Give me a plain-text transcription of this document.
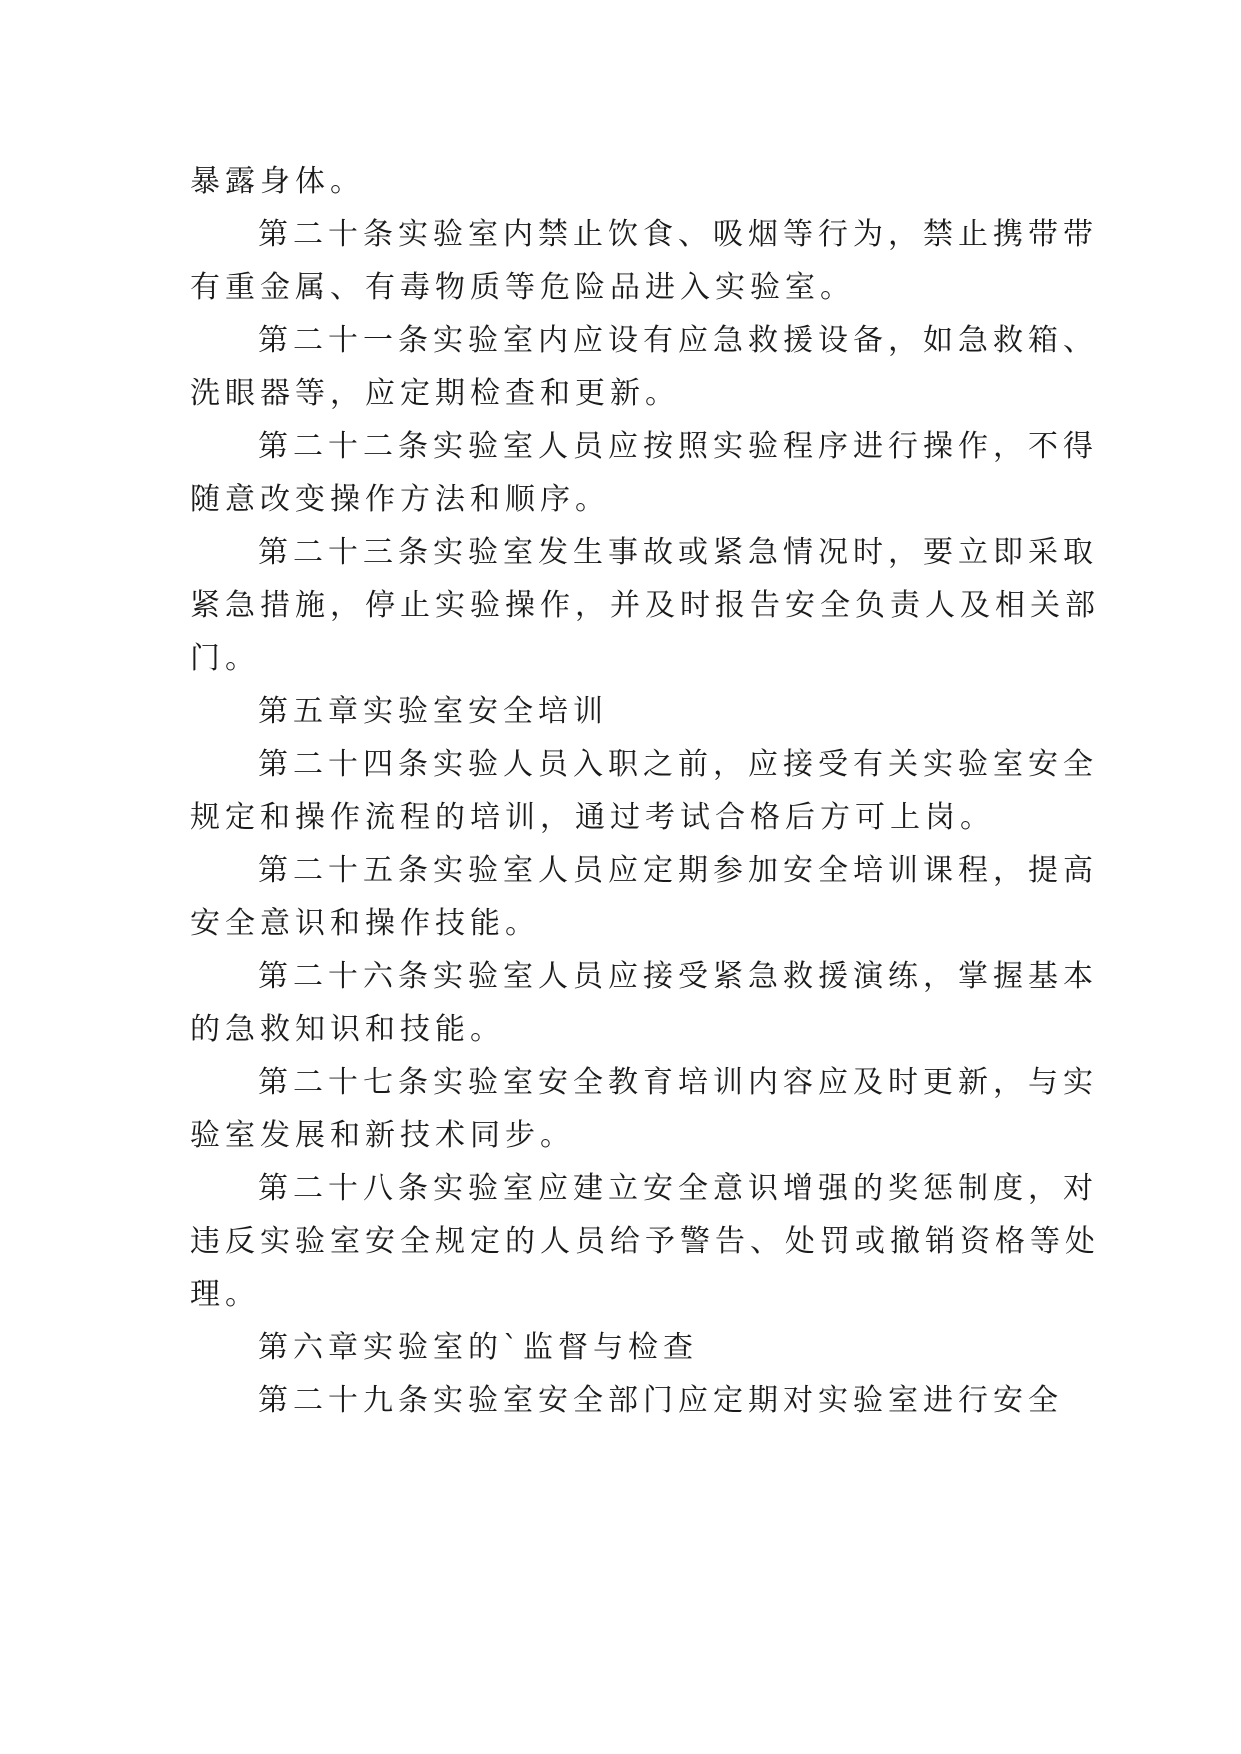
暴露身体。
第二十条实验室内禁止饮食、吸烟等行为，禁止携带带
有重金属、有毒物质等危险品进入实验室。
第二十一条实验室内应设有应急救援设备，如急救箱、
洗眼器等，应定期检查和更新。
第二十二条实验室人员应按照实验程序进行操作，不得
随意改变操作方法和顺序。
第二十三条实验室发生事故或紧急情况时，要立即采取
紧急措施，停止实验操作，并及时报告安全负责人及相关部
门。
第五章实验室安全培训
第二十四条实验人员入职之前，应接受有关实验室安全
规定和操作流程的培训，通过考试合格后方可上岗。
第二十五条实验室人员应定期参加安全培训课程，提高
安全意识和操作技能。
第二十六条实验室人员应接受紧急救援演练，掌握基本
的急救知识和技能。
第二十七条实验室安全教育培训内容应及时更新，与实
验室发展和新技术同步。
第二十八条实验室应建立安全意识增强的奖惩制度，对
违反实验室安全规定的人员给予警告、处罚或撤销资格等处
理。
第六章实验室的`监督与检查
第二十九条实验室安全部门应定期对实验室进行安全
